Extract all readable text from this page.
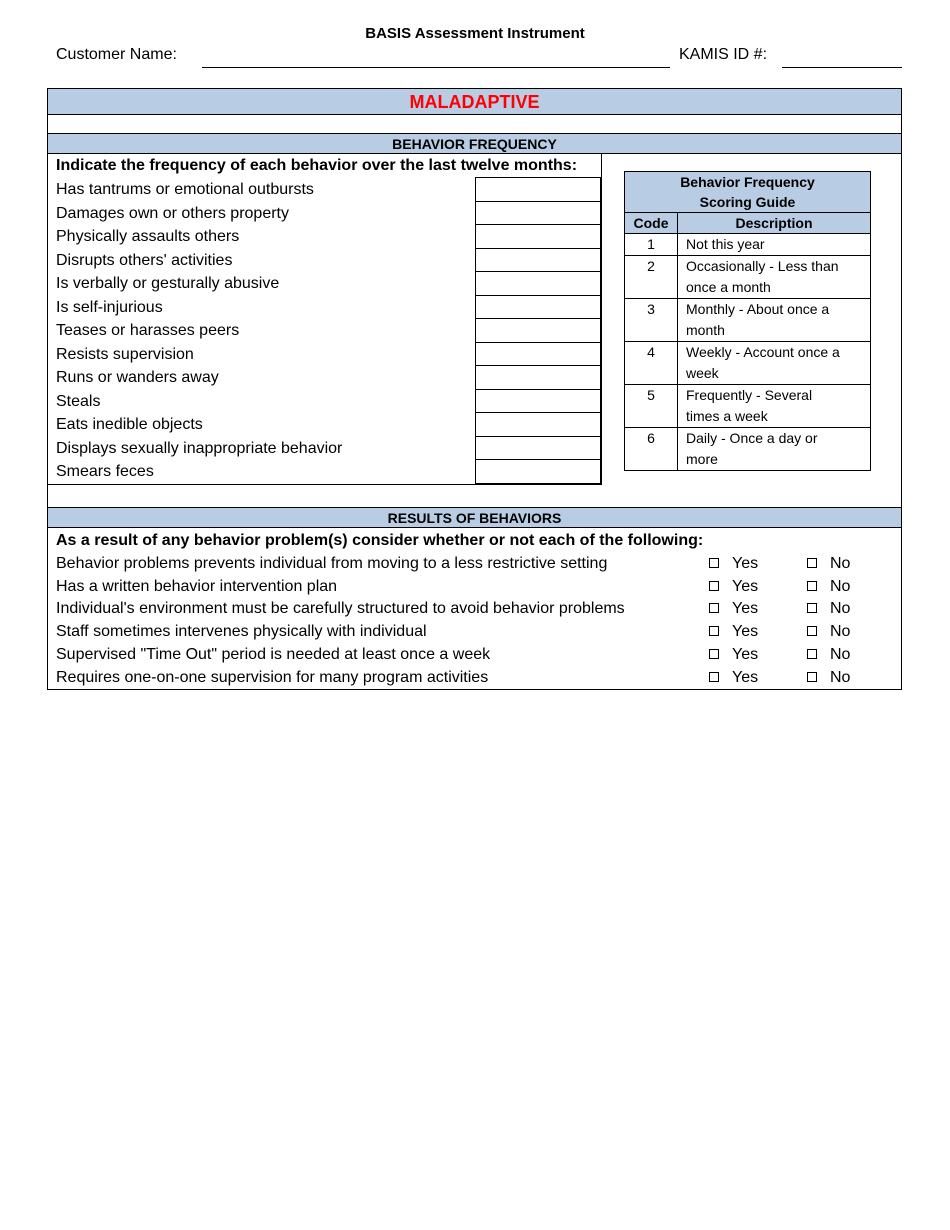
BASIS Assessment Instrument
Customer Name:	KAMIS ID #:
MALADAPTIVE
BEHAVIOR FREQUENCY
RESULTS OF BEHAVIORS
Indicate the frequency of each behavior over the last twelve months:
Has tantrums or emotional outbursts
Damages own or others property
Physically assaults others
Disrupts others' activities
Is verbally or gesturally abusive
Is self-injurious
Teases or harasses peers
Resists supervision
Runs or wanders away
Steals
Eats inedible objects
Displays sexually inappropriate behavior
Smears feces
Behavior Frequency
Scoring Guide	

Code	Description
1	Not this year

2	Occasionally - Less than
once a month

3	Monthly - About once a
month

4	Weekly - Account once a
week

5	Frequently - Several
times a week

6	Daily - Once a day or
more
As a result of any behavior problem(s) consider whether or not each of the following:
Behavior problems prevents individual from moving to a less restrictive setting	Yes	No
Has a written behavior intervention plan	Yes	No
Individual's environment must be carefully structured to avoid behavior problems	Yes	No
Staff sometimes intervenes physically with individual	Yes	No
Supervised "Time Out" period is needed at least once a week	Yes	No
Requires one-on-one supervision for many program activities	Yes	No
